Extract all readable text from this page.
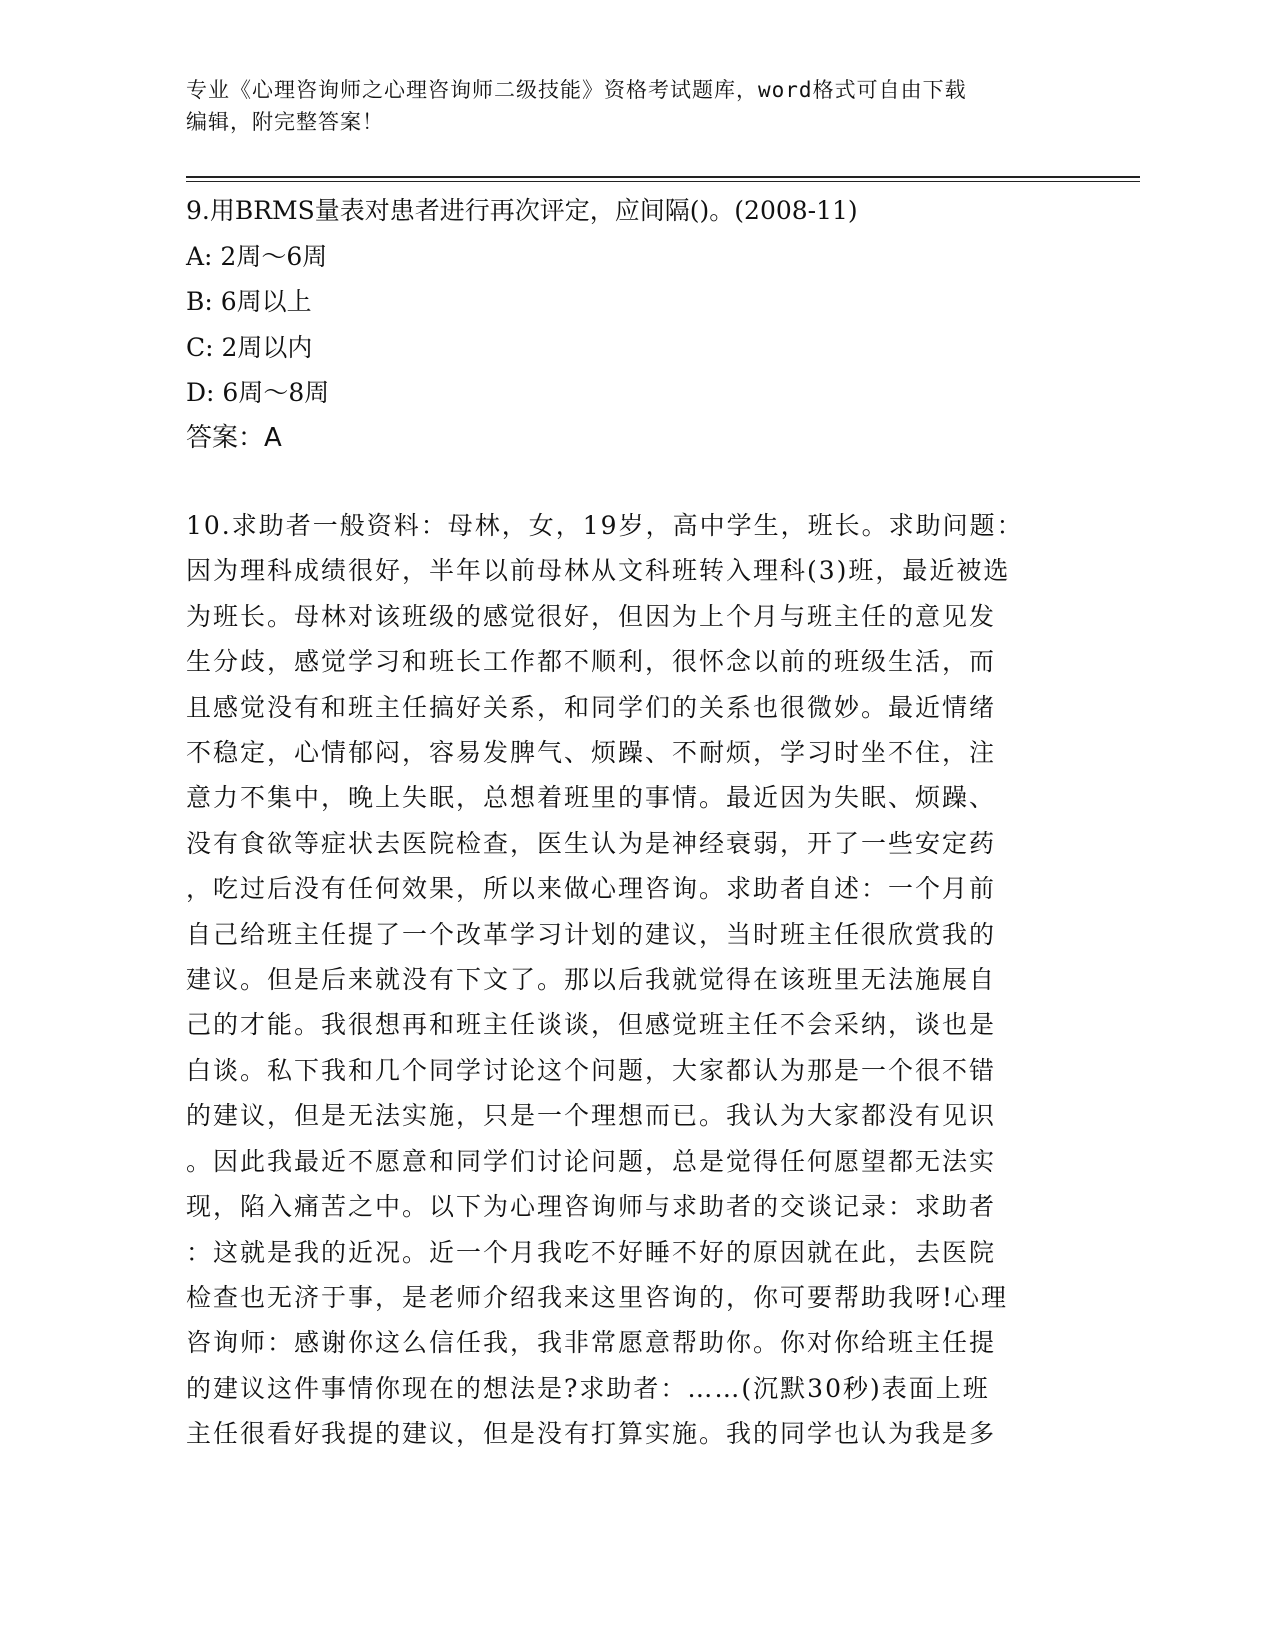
专业《心理咨询师之心理咨询师二级技能》资格考试题库，word格式可自由下载
编辑，附完整答案！
9.用BRMS量表对患者进行再次评定，应间隔()。(2008-11)
A: 2周～6周
B: 6周以上
C: 2周以内
D: 6周～8周
答案：A
10.求助者一般资料：母林，女，19岁，高中学生，班长。求助问题：
因为理科成绩很好，半年以前母林从文科班转入理科(3)班，最近被选
为班长。母林对该班级的感觉很好，但因为上个月与班主任的意见发
生分歧，感觉学习和班长工作都不顺利，很怀念以前的班级生活，而
且感觉没有和班主任搞好关系，和同学们的关系也很微妙。最近情绪
不稳定，心情郁闷，容易发脾气、烦躁、不耐烦，学习时坐不住，注
意力不集中，晚上失眠，总想着班里的事情。最近因为失眠、烦躁、
没有食欲等症状去医院检查，医生认为是神经衰弱，开了一些安定药
，吃过后没有任何效果，所以来做心理咨询。求助者自述：一个月前
自己给班主任提了一个改革学习计划的建议，当时班主任很欣赏我的
建议。但是后来就没有下文了。那以后我就觉得在该班里无法施展自
己的才能。我很想再和班主任谈谈，但感觉班主任不会采纳，谈也是
白谈。私下我和几个同学讨论这个问题，大家都认为那是一个很不错
的建议，但是无法实施，只是一个理想而已。我认为大家都没有见识
。因此我最近不愿意和同学们讨论问题，总是觉得任何愿望都无法实
现，陷入痛苦之中。以下为心理咨询师与求助者的交谈记录：求助者
：这就是我的近况。近一个月我吃不好睡不好的原因就在此，去医院
检查也无济于事，是老师介绍我来这里咨询的，你可要帮助我呀!心理
咨询师：感谢你这么信任我，我非常愿意帮助你。你对你给班主任提
的建议这件事情你现在的想法是?求助者：……(沉默30秒)表面上班
主任很看好我提的建议，但是没有打算实施。我的同学也认为我是多
